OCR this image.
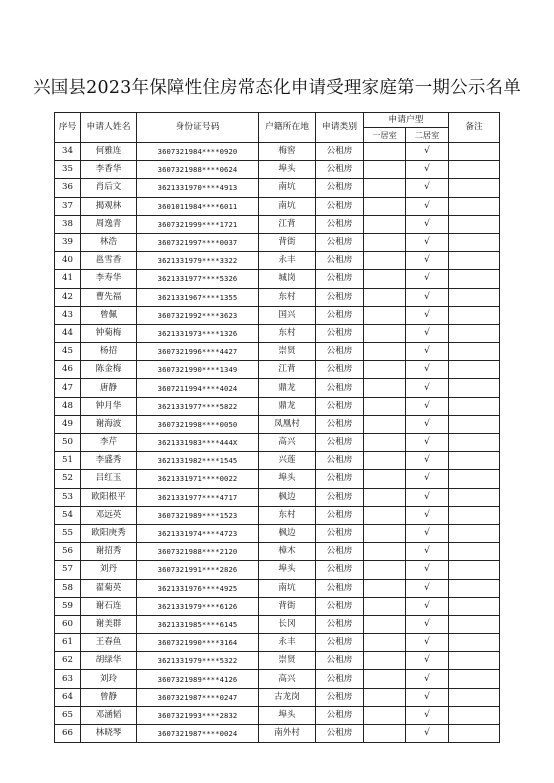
兴国县2023年保障性住房常态化申请受理家庭第一期公示名单
序号	申请人姓名	身份证号码	户籍所在地	申请类别	申请户型		备注
					一居室	二居室	
34	何雅连	3607321984****0920	梅窖	公租房		√	
35	李香华	3607321988****0624	埠头	公租房		√	
36	肖后文	3621331970****4913	南坑	公租房		√	
37	揭观林	3601011984****6011	南坑	公租房		√	
38	周逸青	3607321999****1721	江背	公租房		√	
39	林浩	3607321997****0037	背街	公租房		√	
40	邕雪香	3621331979****3322	永丰	公租房		√	
41	李寿华	3621331977****5326	城岗	公租房		√	
42	曹先福	3621331967****1355	东村	公租房		√	
43	曾佩	3607321992****3623	国兴	公租房		√	
44	钟菊梅	3621331973****1326	东村	公租房		√	
45	杨招	3607321996****4427	崇贤	公租房		√	
46	陈金梅	3607321990****1349	江背	公租房		√	
47	唐静	3607211994****4024	鼎龙	公租房		√	
48	钟月华	3621331977****5822	鼎龙	公租房		√	
49	谢海波	3607321998****0050	凤凰村	公租房		√	
50	李芹	3621331983****444X	高兴	公租房		√	
51	李盛秀	3621331982****1545	兴莲	公租房		√	
52	吕红玉	3621331971****0022	埠头	公租房		√	
53	欧阳根平	3621331977****4717	枫边	公租房		√	
54	邓远英	3607321989****1523	东村	公租房		√	
55	欧阳庚秀	3621331974****4723	枫边	公租房		√	
56	谢招秀	3607321988****2120	樟木	公租房		√	
57	刘丹	3607321991****2826	埠头	公租房		√	
58	翟菊英	3621331976****4925	南坑	公租房		√	
59	谢石连	3621331979****6126	背街	公租房		√	
60	谢美群	3621331985****6145	长冈	公租房		√	
61	王春鱼	3607321990****3164	永丰	公租房		√	
62	胡绿华	3621331979****5322	崇贤	公租房		√	
63	刘玲	3607321989****4126	高兴	公租房		√	
64	曾静	3607321987****0247	古龙岗	公租房		√	
65	邓涵韬	3607321993****2832	埠头	公租房		√	
66	林晓琴	3607321987****0024	南外村	公租房		√	
